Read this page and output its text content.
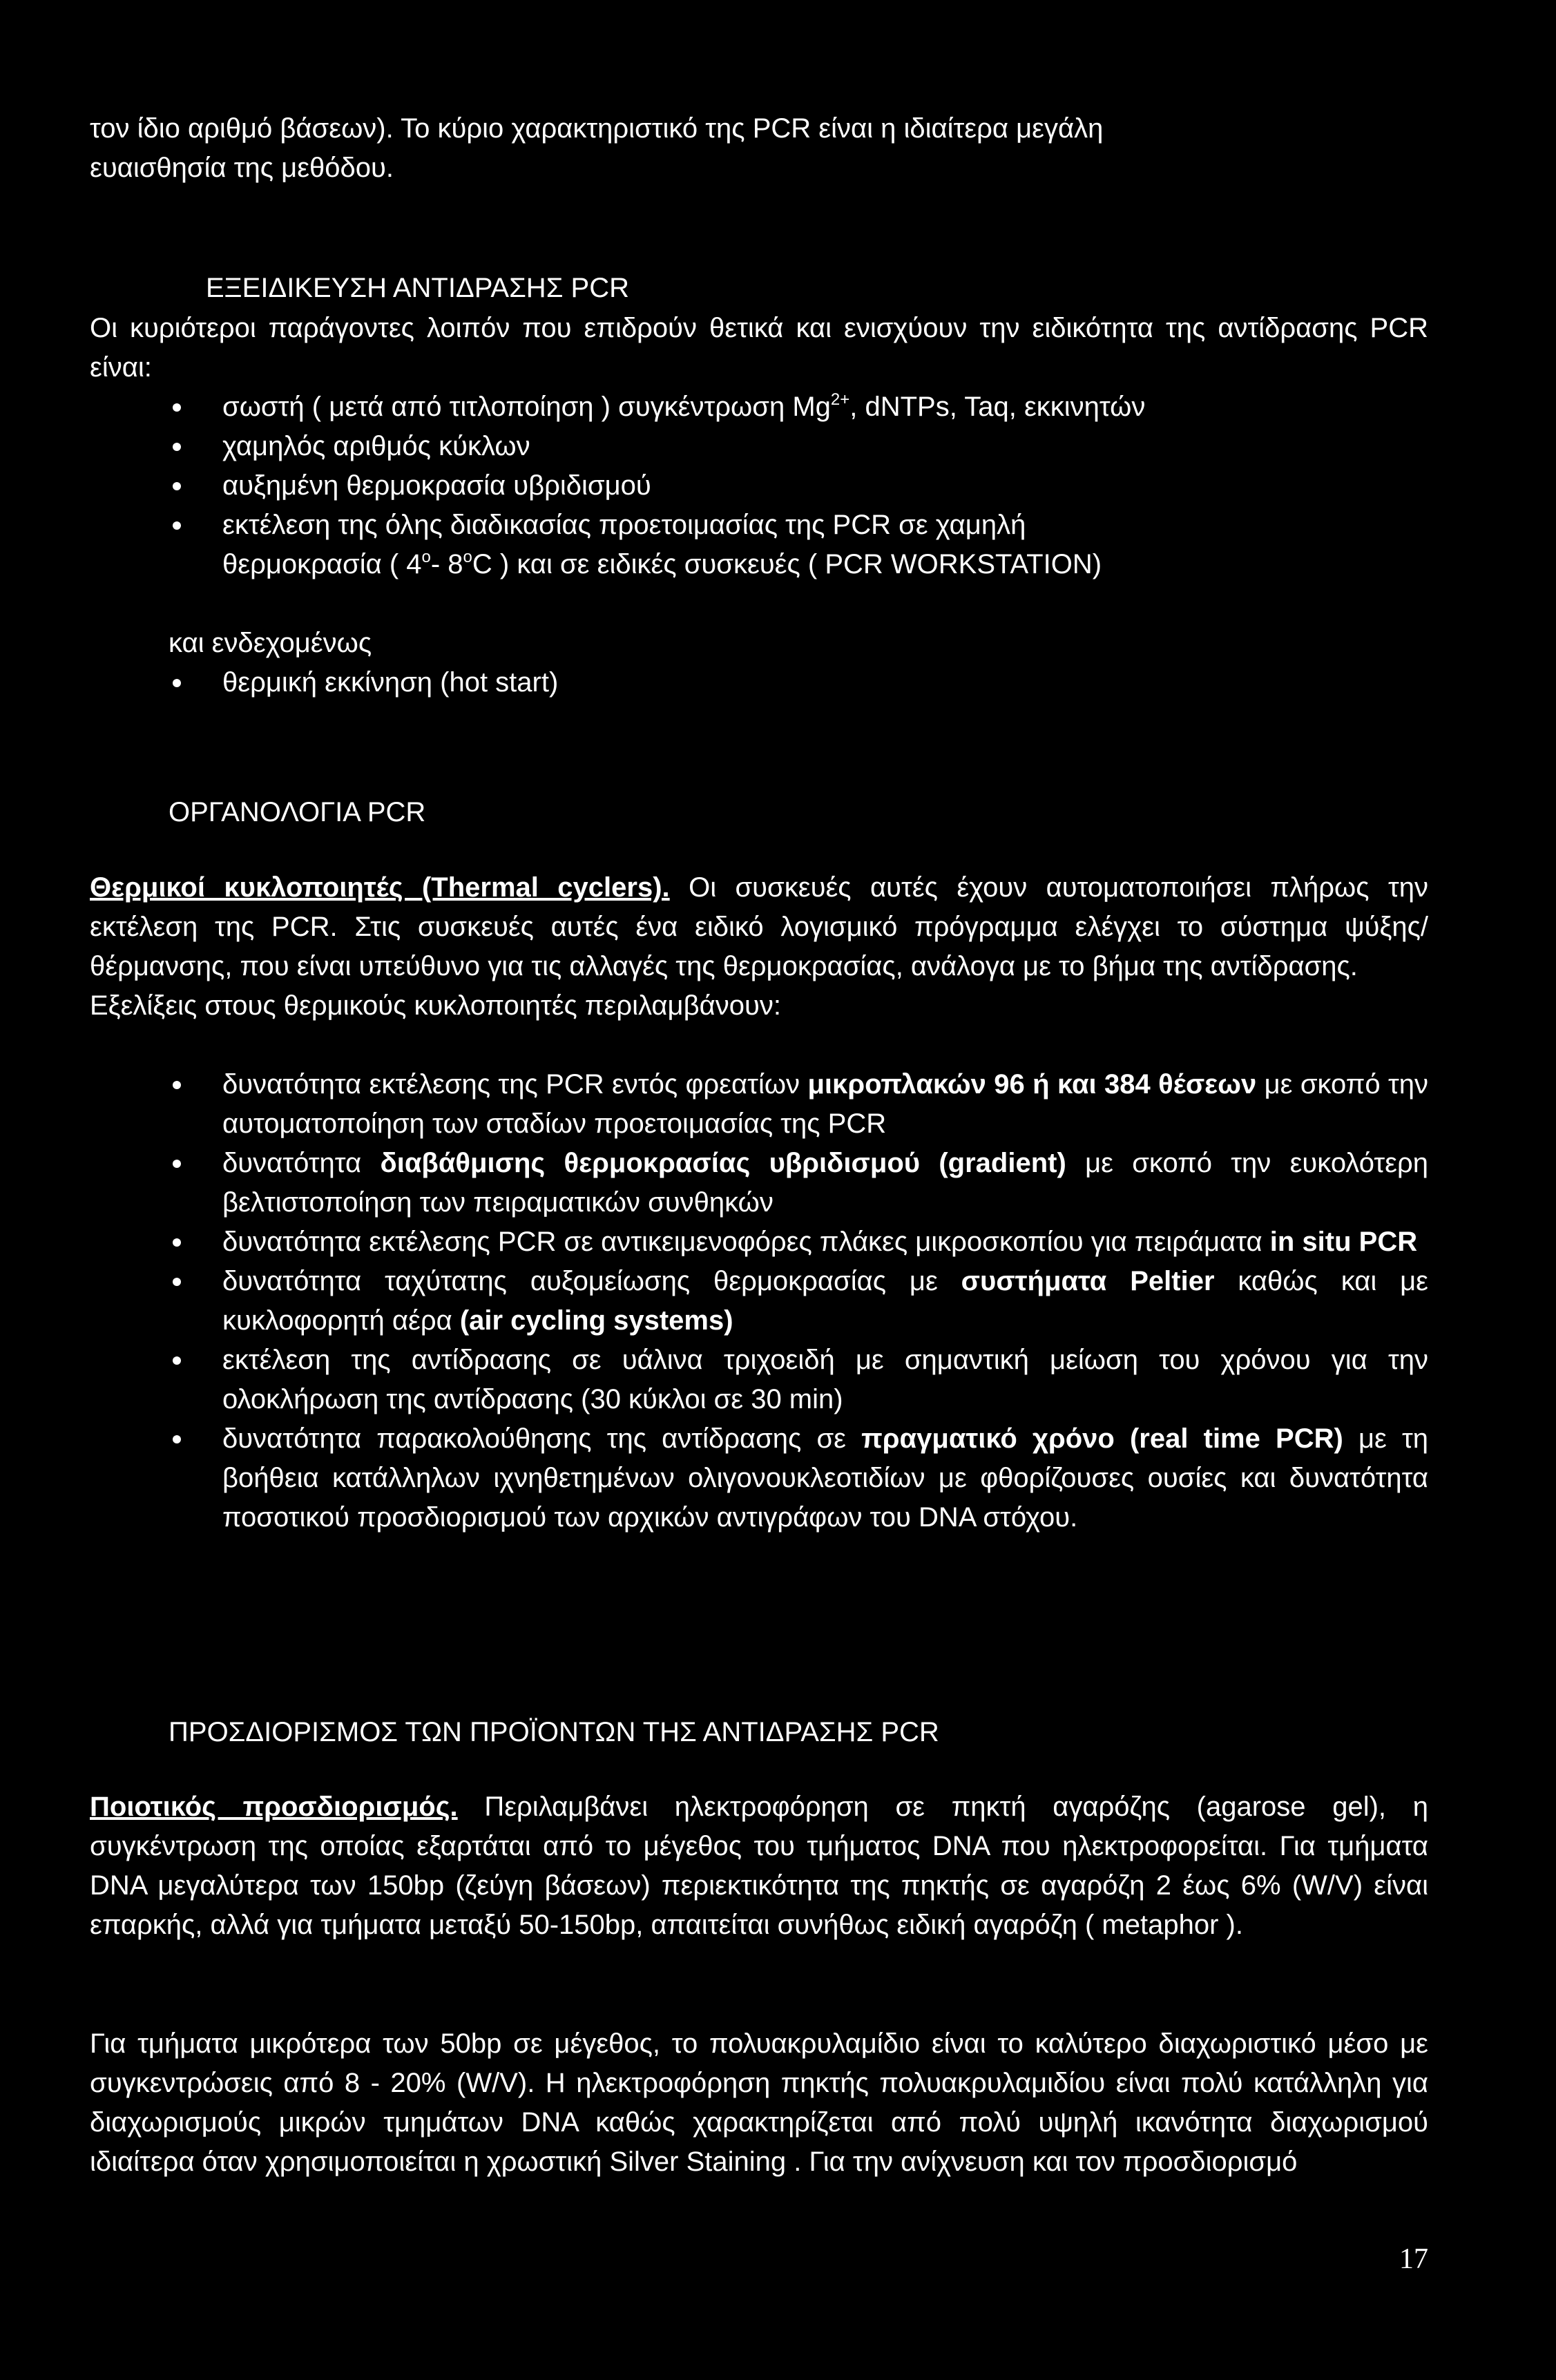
τον ίδιο αριθμό βάσεων). Το κύριο χαρακτηριστικό της PCR είναι η ιδιαίτερα μεγάλη

ευαισθησία της μεθόδου.

ΕΞΕΙΔΙΚΕΥΣΗ ΑΝΤΙΔΡΑΣΗΣ PCR

Οι κυριότεροι παράγοντες λοιπόν που επιδρούν θετικά και ενισχύουν την ειδικότητα της αντίδρασης PCR είναι:

σωστή ( μετά από τιτλοποίηση ) συγκέντρωση $Mg^{2+}$, dNTPs, Taq, εκκινητών
χαμηλός αριθμός κύκλων
αυξημένη θερμοκρασία υβριδισμού

εκτέλεση της όλης διαδικασίας προετοιμασίας της PCR σε χαμηλή

θερμοκρασία ( 4$^o$- 8$^o$C ) και σε ειδικές συσκευές ( PCR WORKSTATION)

και ενδεχομένως
θερμική εκκίνηση (hot start)
ΟΡΓΑΝΟΛΟΓΙΑ PCR

Θερμικοί κυκλοποιητές (Thermal cyclers). Οι συσκευές αυτές έχουν αυτοματοποιήσει πλήρως την εκτέλεση της PCR. Στις συσκευές αυτές ένα ειδικό λογισμικό πρόγραμμα ελέγχει το σύστημα ψύξης/θέρμανσης, που είναι υπεύθυνο για τις αλλαγές της θερμοκρασίας, ανάλογα με το βήμα της αντίδρασης.

Εξελίξεις στους θερμικούς κυκλοποιητές περιλαμβάνουν:

δυνατότητα εκτέλεσης της PCR εντός φρεατίων μικροπλακών 96 ή και 384 θέσεων με σκοπό την αυτοματοποίηση των σταδίων προετοιμασίας της PCR

δυνατότητα διαβάθμισης θερμοκρασίας υβριδισμού (gradient) με σκοπό την ευκολότερη βελτιστοποίηση των πειραματικών συνθηκών

δυνατότητα εκτέλεσης PCR σε αντικειμενοφόρες πλάκες μικροσκοπίου για πειράματα in situ PCR

δυνατότητα ταχύτατης αυξομείωσης θερμοκρασίας με συστήματα Peltier καθώς και με κυκλοφορητή αέρα (air cycling systems)

εκτέλεση της αντίδρασης σε υάλινα τριχοειδή με σημαντική μείωση του χρόνου για την ολοκλήρωση της αντίδρασης (30 κύκλοι σε 30 min)

δυνατότητα παρακολούθησης της αντίδρασης σε πραγματικό χρόνο (real time PCR) με τη βοήθεια κατάλληλων ιχνηθετημένων ολιγονουκλεοτιδίων με φθορίζουσες ουσίες και δυνατότητα ποσοτικού προσδιορισμού των αρχικών αντιγράφων του DNA στόχου.

ΠΡΟΣΔΙΟΡΙΣΜΟΣ ΤΩΝ ΠΡΟΪΟΝΤΩΝ ΤΗΣ ΑΝΤΙΔΡΑΣΗΣ PCR

Ποιοτικός προσδιορισμός. Περιλαμβάνει ηλεκτροφόρηση σε πηκτή αγαρόζης (agarose gel), η συγκέντρωση της οποίας εξαρτάται από το μέγεθος του τμήματος DNA που ηλεκτροφορείται. Για τμήματα DNA μεγαλύτερα των 150bp (ζεύγη βάσεων) περιεκτικότητα της πηκτής σε αγαρόζη 2 έως 6% (W/V) είναι επαρκής, αλλά για τμήματα μεταξύ 50-150bp, απαιτείται συνήθως ειδική αγαρόζη ( metaphor ).

Για τμήματα μικρότερα των 50bp σε μέγεθος, το πολυακρυλαμίδιο είναι το καλύτερο διαχωριστικό μέσο με συγκεντρώσεις από 8 - 20% (W/V). Η ηλεκτροφόρηση πηκτής πολυακρυλαμιδίου είναι πολύ κατάλληλη για διαχωρισμούς μικρών τμημάτων DNA καθώς χαρακτηρίζεται από πολύ υψηλή ικανότητα διαχωρισμού ιδιαίτερα όταν χρησιμοποιείται η χρωστική Silver Staining . Για την ανίχνευση και τον προσδιορισμό

17
